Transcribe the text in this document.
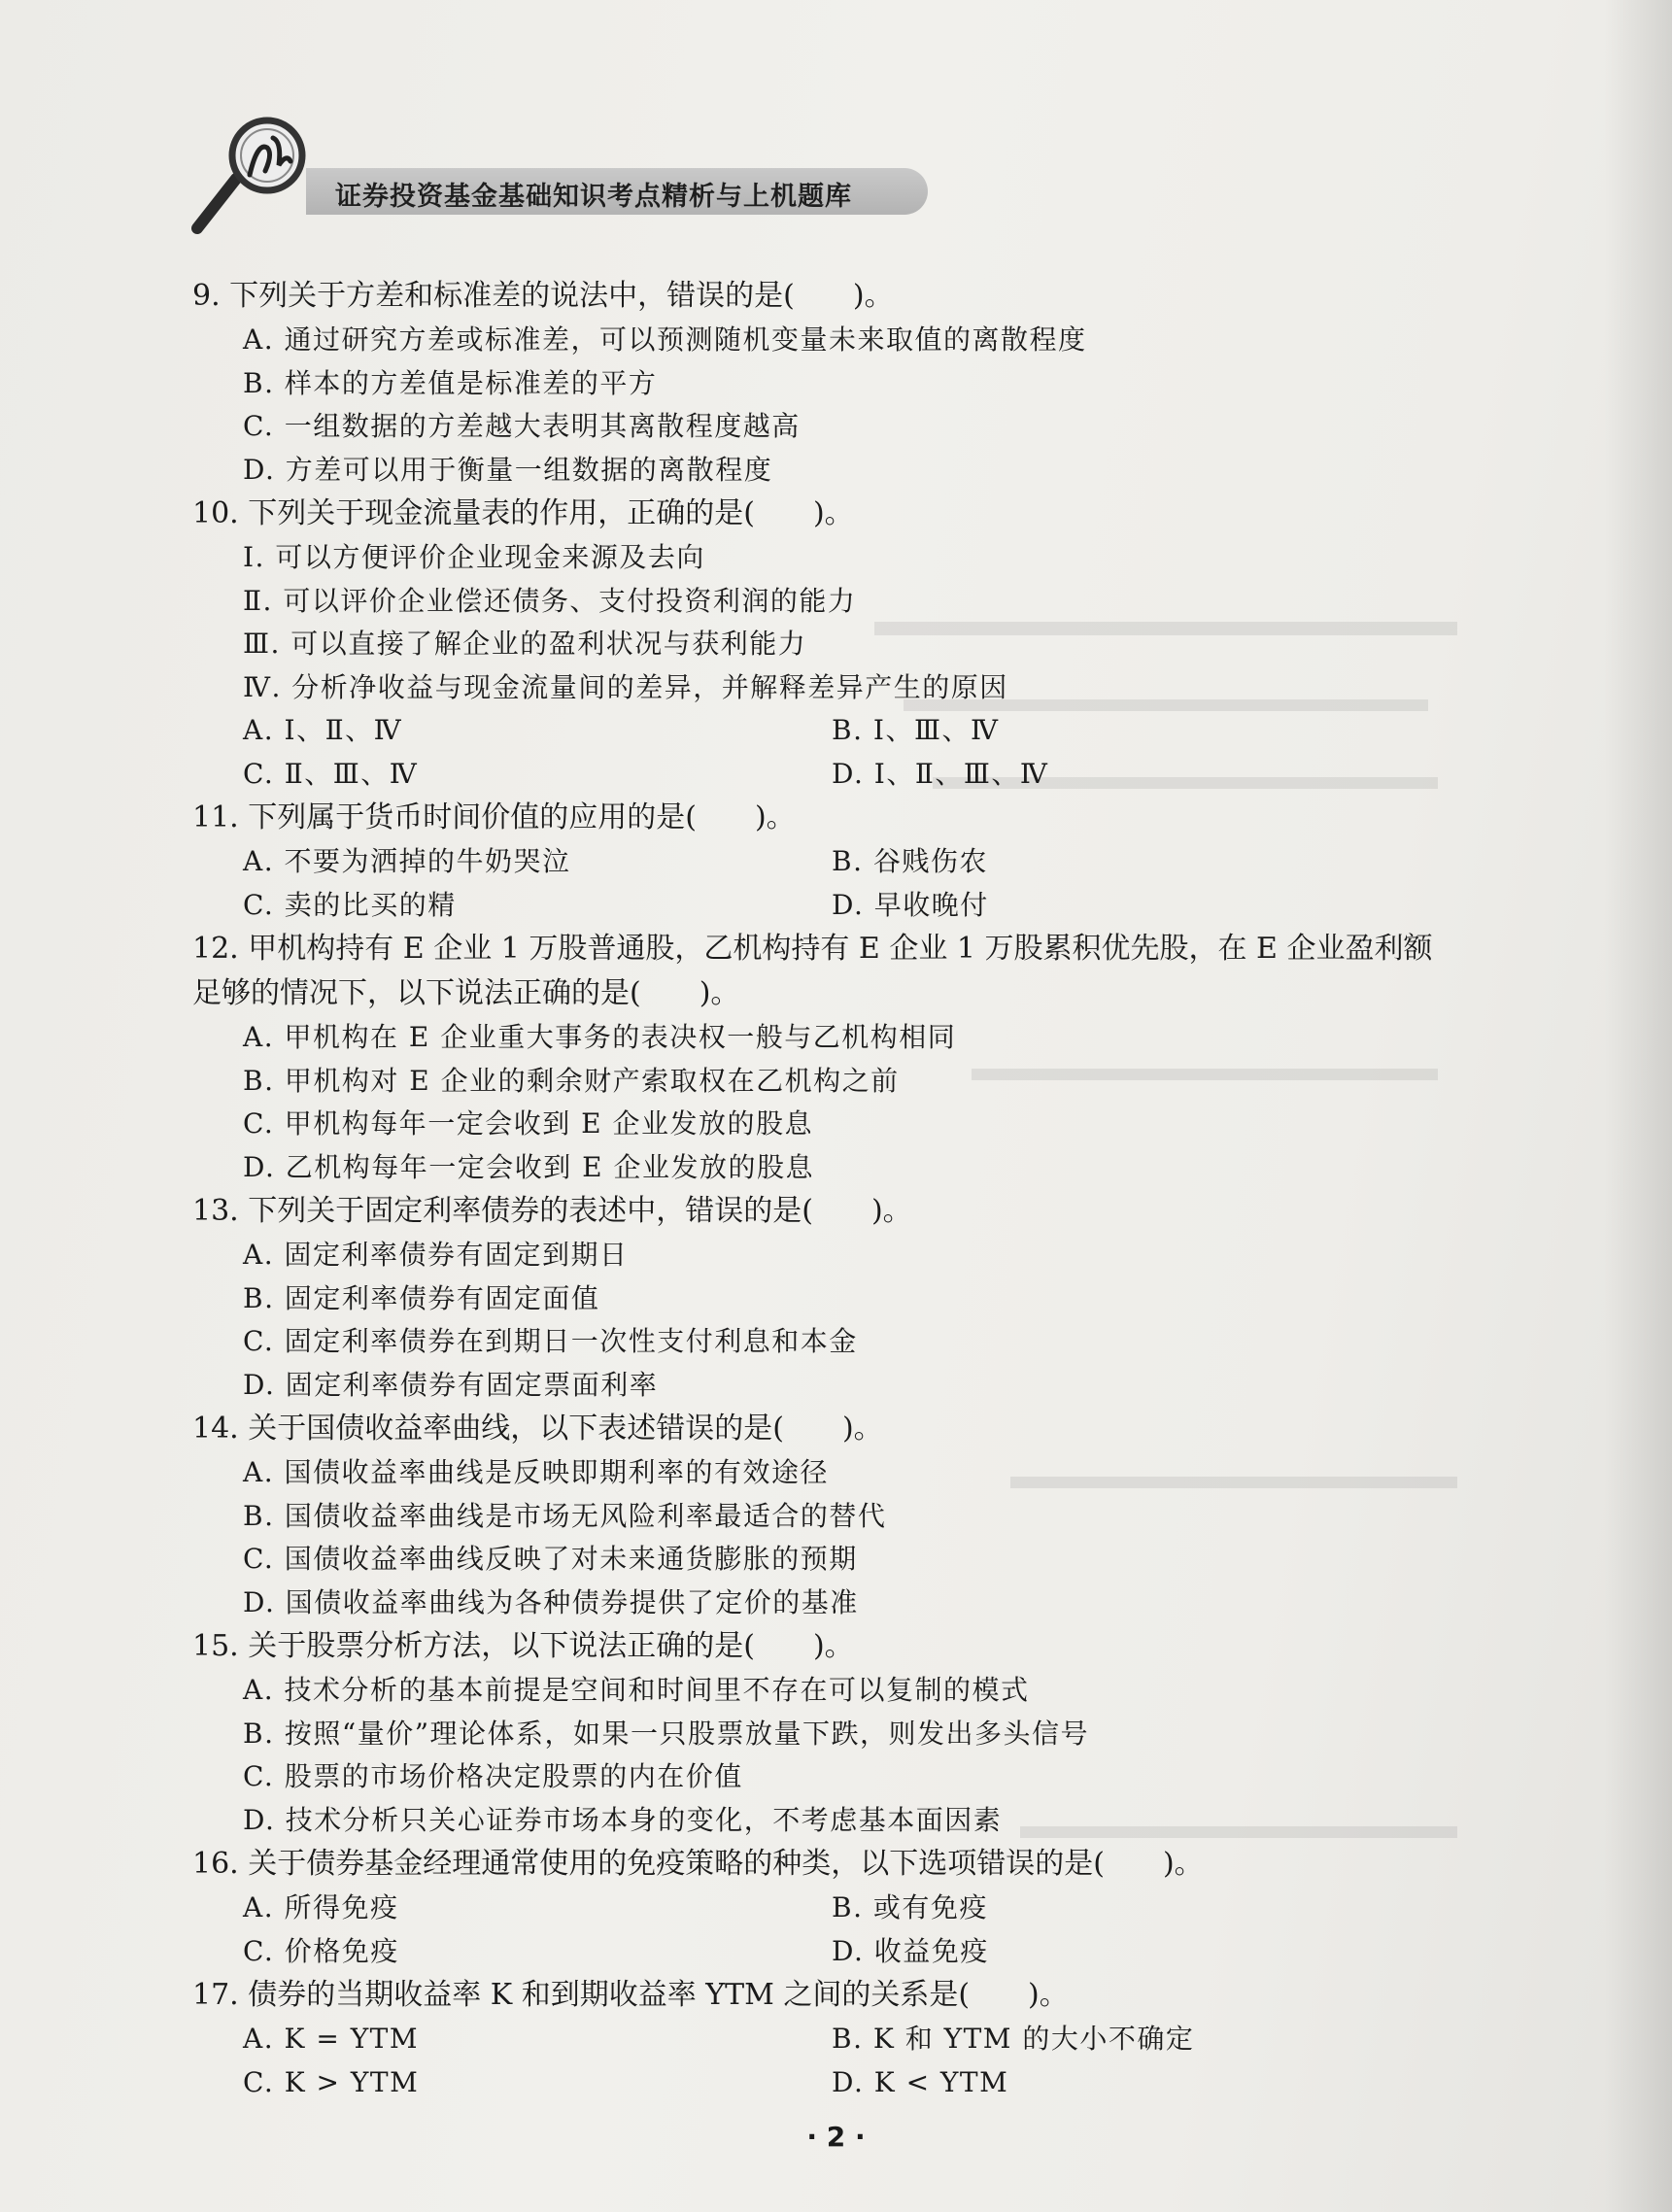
证券投资基金基础知识考点精析与上机题库
9. 下列关于方差和标准差的说法中，错误的是(　　)。
A. 通过研究方差或标准差，可以预测随机变量未来取值的离散程度
B. 样本的方差值是标准差的平方
C. 一组数据的方差越大表明其离散程度越高
D. 方差可以用于衡量一组数据的离散程度
10. 下列关于现金流量表的作用，正确的是(　　)。
Ⅰ. 可以方便评价企业现金来源及去向
Ⅱ. 可以评价企业偿还债务、支付投资利润的能力
Ⅲ. 可以直接了解企业的盈利状况与获利能力
Ⅳ. 分析净收益与现金流量间的差异，并解释差异产生的原因
A. Ⅰ、Ⅱ、Ⅳ	B. Ⅰ、Ⅲ、Ⅳ
C. Ⅱ、Ⅲ、Ⅳ	D. Ⅰ、Ⅱ、Ⅲ、Ⅳ
11. 下列属于货币时间价值的应用的是(　　)。
A. 不要为洒掉的牛奶哭泣	B. 谷贱伤农
C. 卖的比买的精	D. 早收晚付
12. 甲机构持有 E 企业 1 万股普通股，乙机构持有 E 企业 1 万股累积优先股，在 E 企业盈利额
足够的情况下，以下说法正确的是(　　)。
A. 甲机构在 E 企业重大事务的表决权一般与乙机构相同
B. 甲机构对 E 企业的剩余财产索取权在乙机构之前
C. 甲机构每年一定会收到 E 企业发放的股息
D. 乙机构每年一定会收到 E 企业发放的股息
13. 下列关于固定利率债券的表述中，错误的是(　　)。
A. 固定利率债券有固定到期日
B. 固定利率债券有固定面值
C. 固定利率债券在到期日一次性支付利息和本金
D. 固定利率债券有固定票面利率
14. 关于国债收益率曲线，以下表述错误的是(　　)。
A. 国债收益率曲线是反映即期利率的有效途径
B. 国债收益率曲线是市场无风险利率最适合的替代
C. 国债收益率曲线反映了对未来通货膨胀的预期
D. 国债收益率曲线为各种债券提供了定价的基准
15. 关于股票分析方法，以下说法正确的是(　　)。
A. 技术分析的基本前提是空间和时间里不存在可以复制的模式
B. 按照“量价”理论体系，如果一只股票放量下跌，则发出多头信号
C. 股票的市场价格决定股票的内在价值
D. 技术分析只关心证券市场本身的变化，不考虑基本面因素
16. 关于债券基金经理通常使用的免疫策略的种类，以下选项错误的是(　　)。
A. 所得免疫	B. 或有免疫
C. 价格免疫	D. 收益免疫
17. 债券的当期收益率 K 和到期收益率 YTM 之间的关系是(　　)。
A. K = YTM	B. K 和 YTM 的大小不确定
C. K > YTM	D. K < YTM
· 2 ·
